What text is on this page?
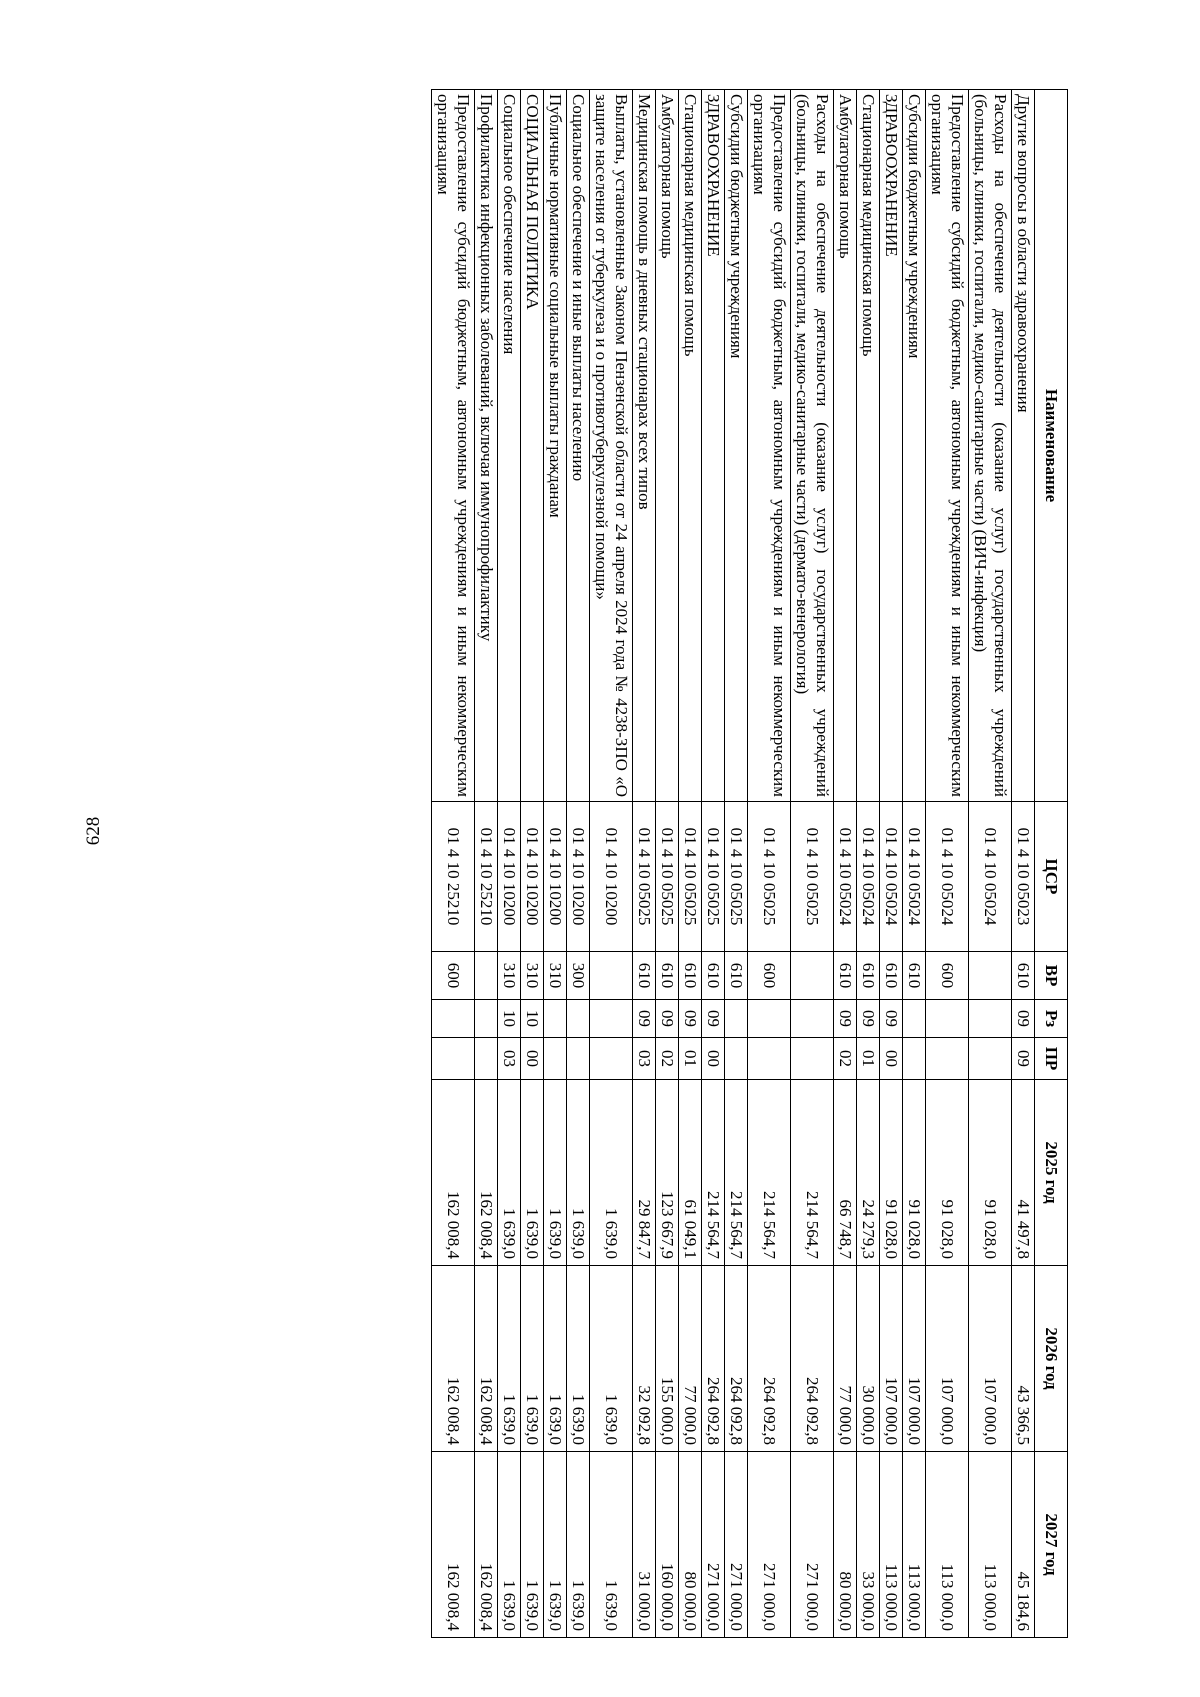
628
Наименование	ЦСР	ВР	Рз	ПР	2025 год	2026 год	2027 год
Другие вопросы в области здравоохранения	01 4 10 05023	610	09	09	41 497,8	43 366,5	45 184,6
Расходы на обеспечение деятельности (оказание услуг) государственных учреждений (больницы, клиники, госпитали, медико-санитарные части) (ВИЧ-инфекция)	01 4 10 05024				91 028,0	107 000,0	113 000,0
Предоставление субсидий бюджетным, автономным учреждениям и иным некоммерческим организациям	01 4 10 05024	600			91 028,0	107 000,0	113 000,0
Субсидии бюджетным учреждениям	01 4 10 05024	610			91 028,0	107 000,0	113 000,0
ЗДРАВООХРАНЕНИЕ	01 4 10 05024	610	09	00	91 028,0	107 000,0	113 000,0
Стационарная медицинская помощь	01 4 10 05024	610	09	01	24 279,3	30 000,0	33 000,0
Амбулаторная помощь	01 4 10 05024	610	09	02	66 748,7	77 000,0	80 000,0
Расходы на обеспечение деятельности (оказание услуг) государственных учреждений (больницы, клиники, госпитали, медико-санитарные части) (дермато-венерология)	01 4 10 05025				214 564,7	264 092,8	271 000,0
Предоставление субсидий бюджетным, автономным учреждениям и иным некоммерческим организациям	01 4 10 05025	600			214 564,7	264 092,8	271 000,0
Субсидии бюджетным учреждениям	01 4 10 05025	610			214 564,7	264 092,8	271 000,0
ЗДРАВООХРАНЕНИЕ	01 4 10 05025	610	09	00	214 564,7	264 092,8	271 000,0
Стационарная медицинская помощь	01 4 10 05025	610	09	01	61 049,1	77 000,0	80 000,0
Амбулаторная помощь	01 4 10 05025	610	09	02	123 667,9	155 000,0	160 000,0
Медицинская помощь в дневных стационарах всех типов	01 4 10 05025	610	09	03	29 847,7	32 092,8	31 000,0
Выплаты, установленные Законом Пензенской области от 24 апреля 2024 года № 4238-ЗПО «О защите населения от туберкулеза и о противотуберкулезной помощи»	01 4 10 10200				1 639,0	1 639,0	1 639,0
Социальное обеспечение и иные выплаты населению	01 4 10 10200	300			1 639,0	1 639,0	1 639,0
Публичные нормативные социальные выплаты гражданам	01 4 10 10200	310			1 639,0	1 639,0	1 639,0
СОЦИАЛЬНАЯ ПОЛИТИКА	01 4 10 10200	310	10	00	1 639,0	1 639,0	1 639,0
Социальное обеспечение населения	01 4 10 10200	310	10	03	1 639,0	1 639,0	1 639,0
Профилактика инфекционных заболеваний, включая иммунопрофилактику	01 4 10 25210				162 008,4	162 008,4	162 008,4
Предоставление субсидий бюджетным, автономным учреждениям и иным некоммерческим организациям	01 4 10 25210	600			162 008,4	162 008,4	162 008,4
